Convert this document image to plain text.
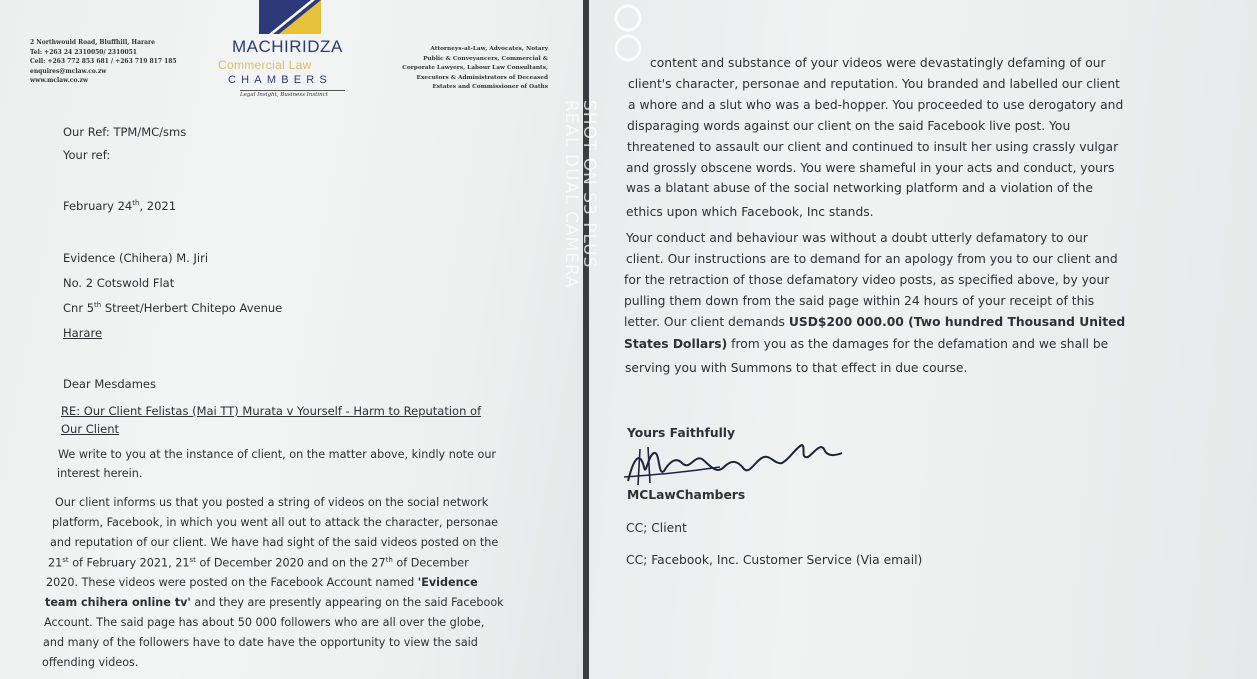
2 Northwould Road, Bluffhill, Harare
Tel: +263 24 2310050/ 2310051
Cell: +263 772 853 681 / +263 719 817 185
enquires@mclaw.co.zw
www.mclaw.co.zw
MACHIRIDZA
Commercial Law
CHAMBERS
Legal Insight, Business Instinct
Attorneys-at-Law, Advocates, Notary
Public & Conveyancers, Commercial &
Corporate Lawyers, Labour Law Consultants,
Executors & Administrators of Deceased
Estates and Commissioner of Oaths
Our Ref: TPM/MC/sms
Your ref:
February 24th, 2021
Evidence (Chihera) M. Jiri
No. 2 Cotswold Flat
Cnr 5th Street/Herbert Chitepo Avenue
Harare
Dear Mesdames
RE: Our Client Felistas (Mai TT) Murata v Yourself - Harm to Reputation of
Our Client
We write to you at the instance of client, on the matter above, kindly note our
interest herein.
Our client informs us that you posted a string of videos on the social network
platform, Facebook, in which you went all out to attack the character, personae
and reputation of our client. We have had sight of the said videos posted on the
21st of February 2021, 21st of December 2020 and on the 27th of December
2020. These videos were posted on the Facebook Account named 'Evidence
team chihera online tv' and they are presently appearing on the said Facebook
Account. The said page has about 50 000 followers who are all over the globe,
and many of the followers have to date have the opportunity to view the said
offending videos.
SHOT ON S3 PLUS
REAL DUAL CAMERA
content and substance of your videos were devastatingly defaming of our
client's character, personae and reputation. You branded and labelled our client
a whore and a slut who was a bed-hopper. You proceeded to use derogatory and
disparaging words against our client on the said Facebook live post. You
threatened to assault our client and continued to insult her using crassly vulgar
and grossly obscene words. You were shameful in your acts and conduct, yours
was a blatant abuse of the social networking platform and a violation of the
ethics upon which Facebook, Inc stands.
Your conduct and behaviour was without a doubt utterly defamatory to our
client. Our instructions are to demand for an apology from you to our client and
for the retraction of those defamatory video posts, as specified above, by your
pulling them down from the said page within 24 hours of your receipt of this
letter. Our client demands USD$200 000.00 (Two hundred Thousand United
States Dollars) from you as the damages for the defamation and we shall be
serving you with Summons to that effect in due course.
Yours Faithfully
MCLawChambers
CC; Client
CC; Facebook, Inc. Customer Service (Via email)
